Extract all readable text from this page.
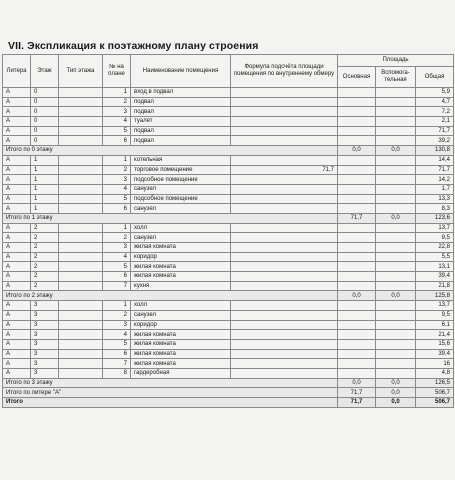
VII. Экспликация к поэтажному плану строения
Литера	Этаж	Тип этажа	№ на плане	Наименование помещения	Формула подсчёта площади помещения по внутреннему обмеру	Площадь		
						Основная	Вспомога-тельная	Общая
А	0		1	вход в подвал				5,9
А	0		2	подвал				4,7
А	0		3	подвал				7,2
А	0		4	туалет				2,1
А	0		5	подвал				71,7
А	0		6	подвал				39,2
Итого по 0 этажу						0,0	0,0	130,8
А	1		1	котельная				14,4
А	1		2	торговое помещение	71,7			71,7
А	1		3	подсобное помещение				14,2
А	1		4	санузел				1,7
А	1		5	подсобное помещение				13,3
А	1		6	санузел				8,3
Итого по 1 этажу						71,7	0,0	123,6
А	2		1	холл				13,7
А	2		2	санузел				9,5
А	2		3	жилая комната				22,8
А	2		4	коридор				5,5
А	2		5	жилая комната				13,1
А	2		6	жилая комната				39,4
А	2		7	кухня				21,8
Итого по 2 этажу						0,0	0,0	125,8
А	3		1	холл				13,7
А	3		2	санузел				9,5
А	3		3	коридор				6,1
А	3		4	жилая комната				21,4
А	3		5	жилая комната				15,6
А	3		6	жилая комната				39,4
А	3		7	жилая комната				16
А	3		8	гардеробная				4,8
Итого по 3 этажу						0,0	0,0	126,5
Итого по литере "А"						71,7	0,0	506,7
Итого						71,7	0,0	506,7
